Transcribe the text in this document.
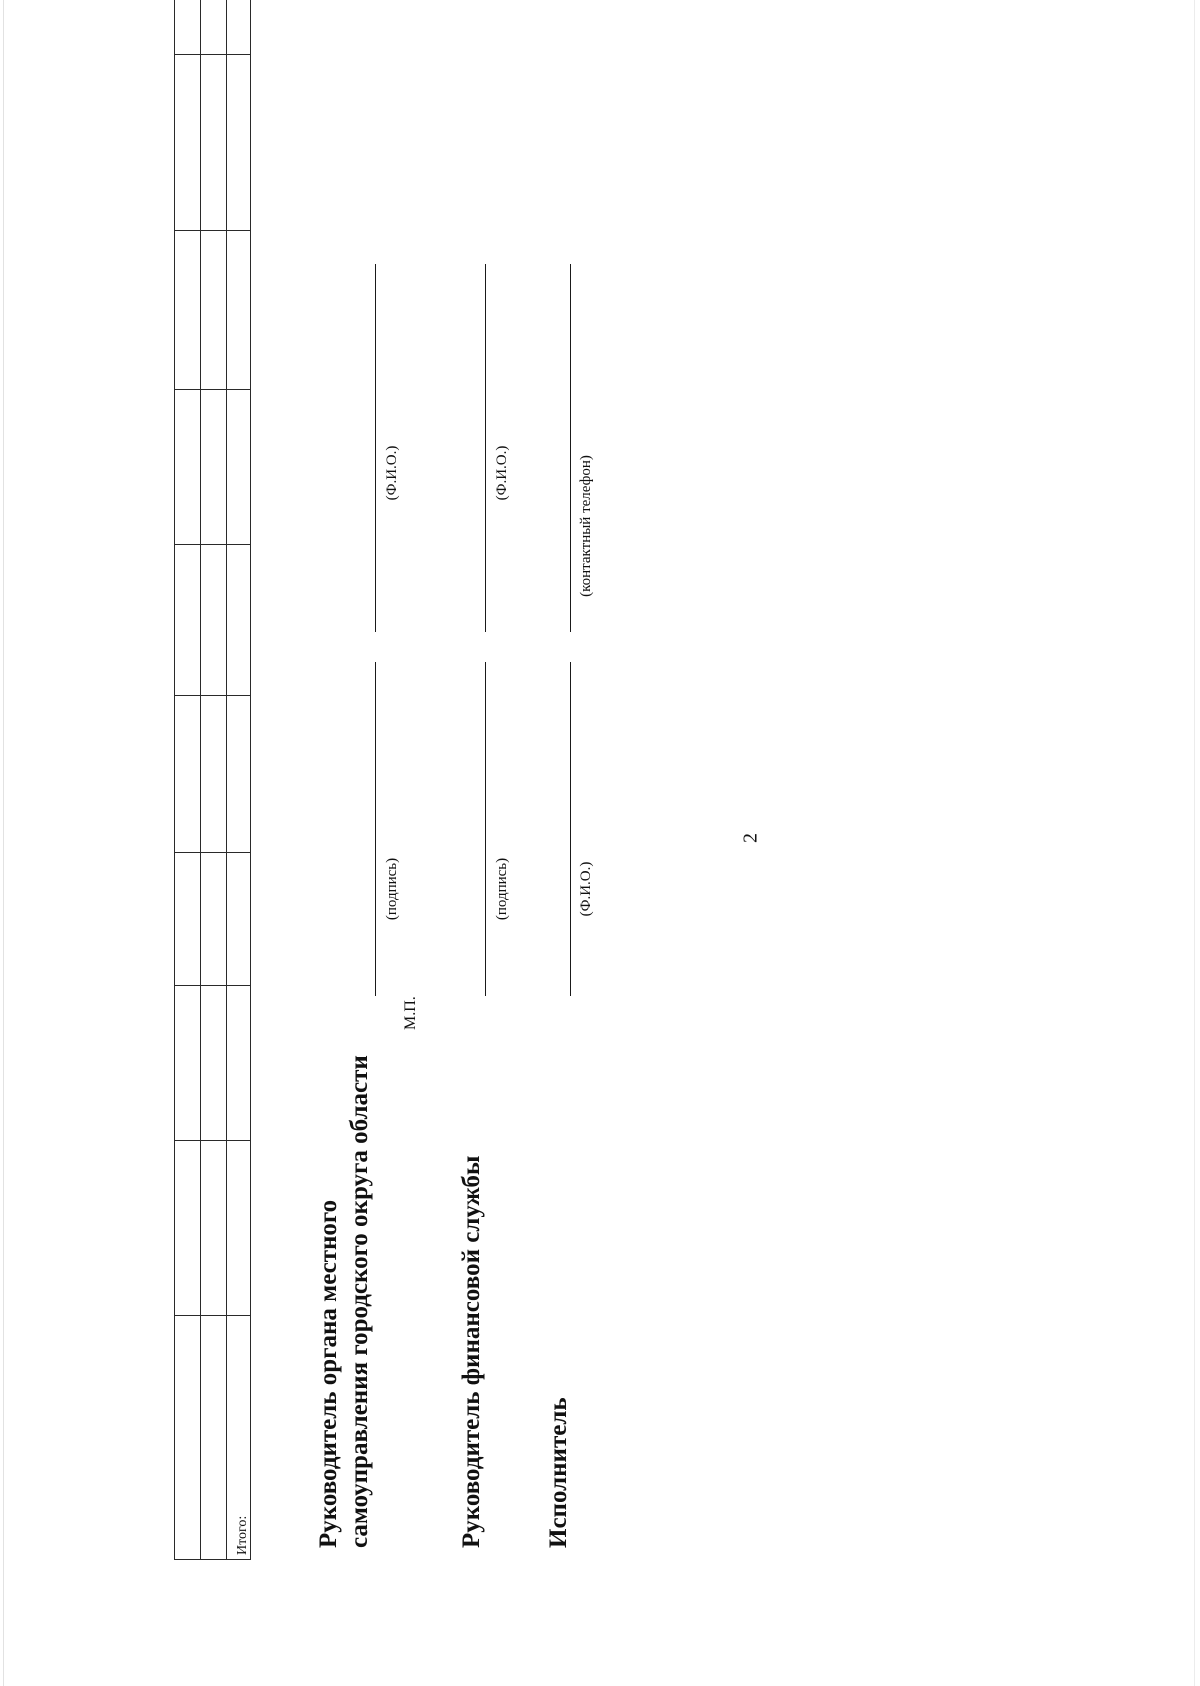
2

Итого:											Руководитель органа местного самоуправления городского округа области
М.П.
(подпись)
(Ф.И.О.)
Руководитель финансовой службы
(подпись)
(Ф.И.О.)
Исполнитель
(Ф.И.О.)
(контактный телефон)
